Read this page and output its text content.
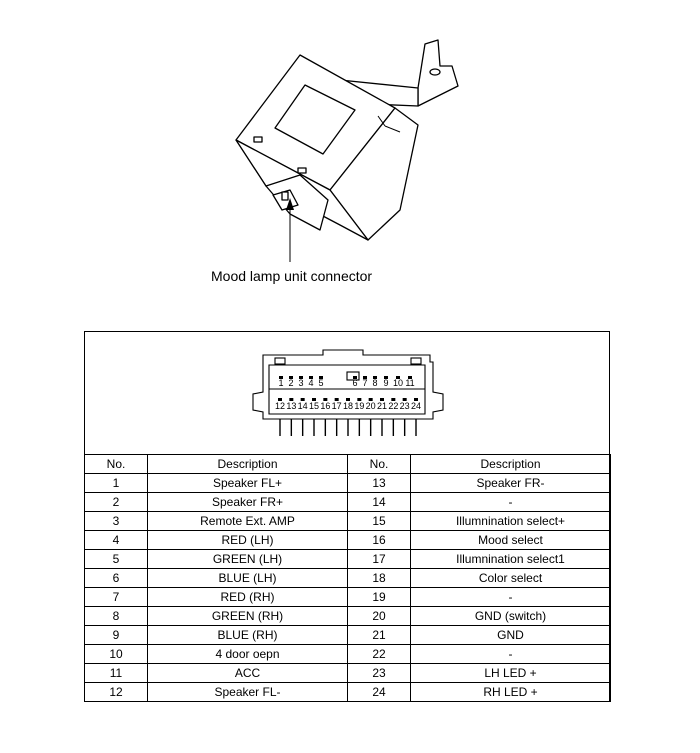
Mood lamp unit connector
1 2 3 4 5	6 7 8 9 10 11
12 13 14 15 16 17 18 19 20 21 22 23 24
No.	Description	No.	Description
1	Speaker FL+	13	Speaker FR-
2	Speaker FR+	14	-
3	Remote Ext. AMP	15	Illumnination select+
4	RED (LH)	16	Mood select
5	GREEN (LH)	17	Illumnination select1
6	BLUE (LH)	18	Color select
7	RED (RH)	19	-
8	GREEN (RH)	20	GND (switch)
9	BLUE (RH)	21	GND
10	4 door oepn	22	-
11	ACC	23	LH LED +
12	Speaker FL-	24	RH LED +
